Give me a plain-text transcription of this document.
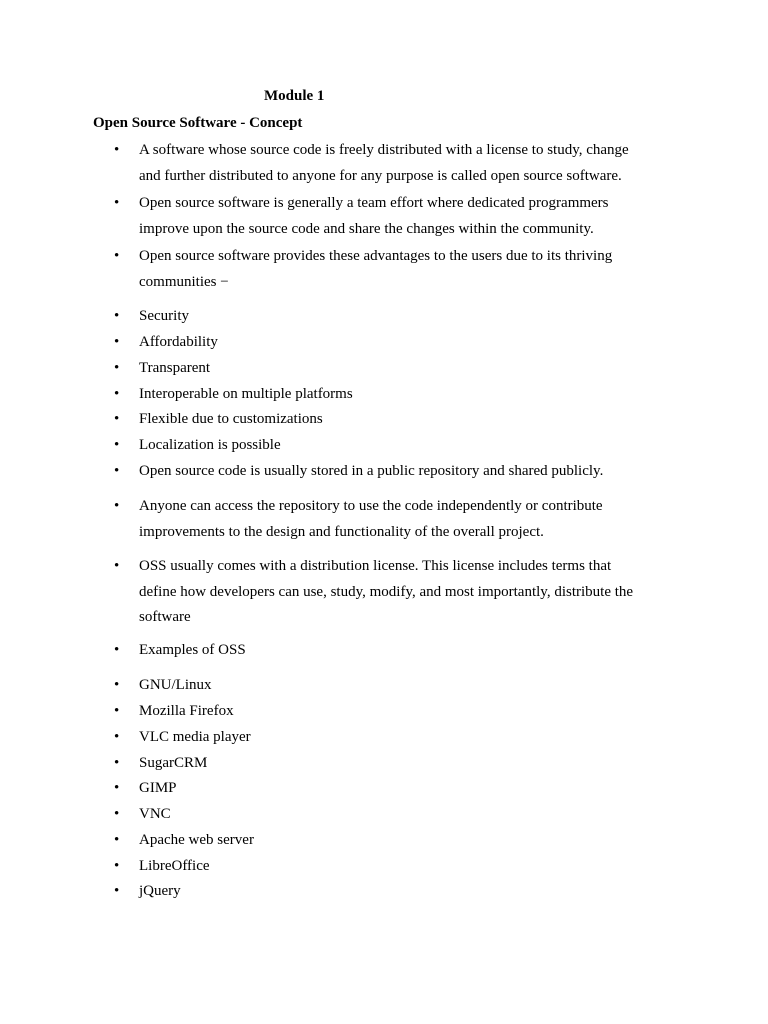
Module 1
Open Source Software - Concept
•	A software whose source code is freely distributed with a license to study, change
and further distributed to anyone for any purpose is called open source software.
•	Open source software is generally a team effort where dedicated programmers
improve upon the source code and share the changes within the community.
•	Open source software provides these advantages to the users due to its thriving
communities −
•	Security
•	Affordability
•	Transparent
•	Interoperable on multiple platforms
•	Flexible due to customizations
•	Localization is possible
•	Open source code is usually stored in a public repository and shared publicly.
•	Anyone can access the repository to use the code independently or contribute
improvements to the design and functionality of the overall project.
•	OSS usually comes with a distribution license. This license includes terms that
define how developers can use, study, modify, and most importantly, distribute the
software
•	Examples of OSS
•	GNU/Linux
•	Mozilla Firefox
•	VLC media player
•	SugarCRM
•	GIMP
•	VNC
•	Apache web server
•	LibreOffice
•	jQuery
